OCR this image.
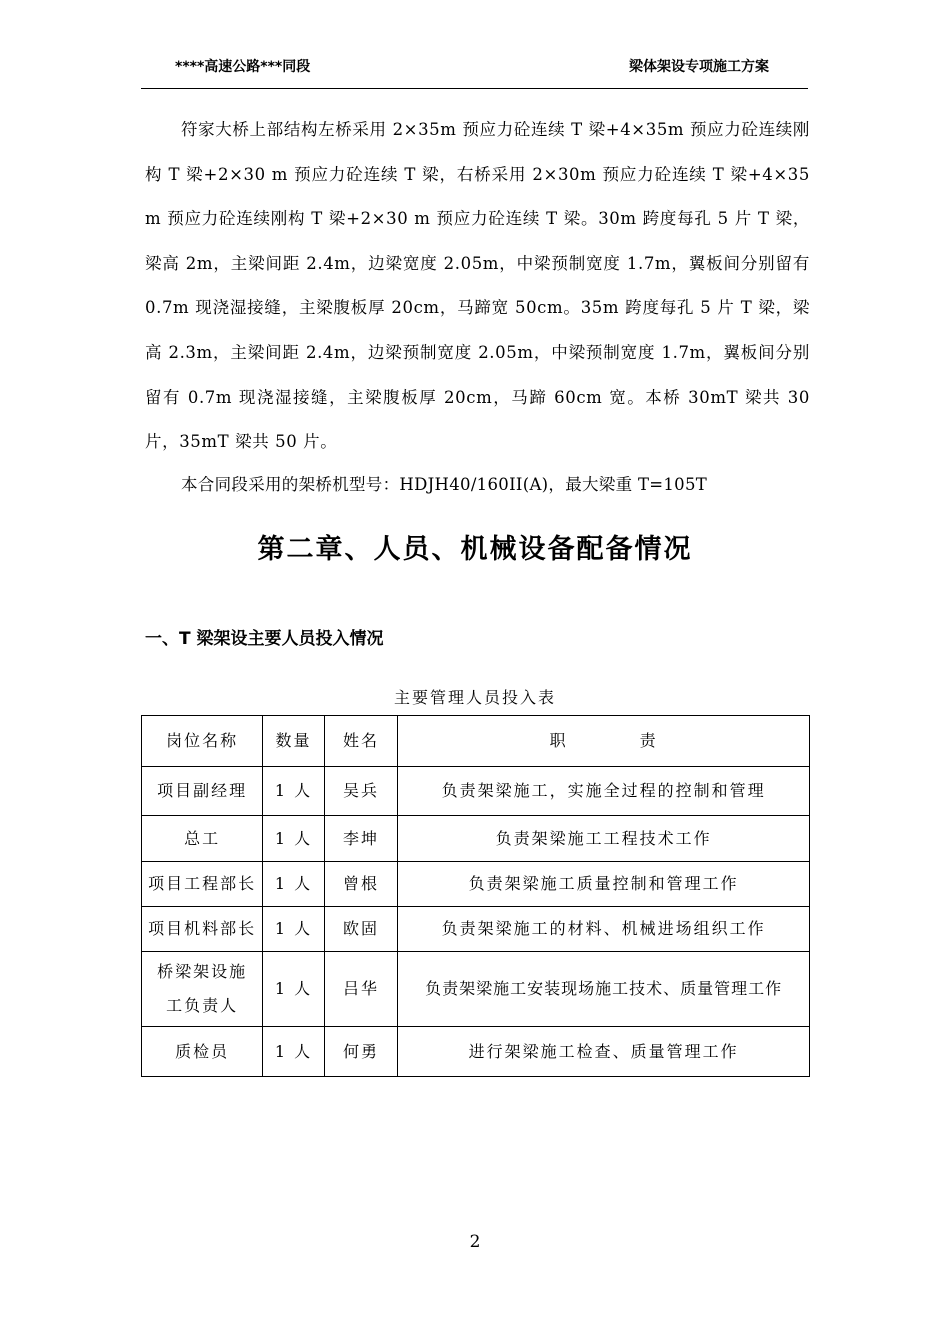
****高速公路***同段	梁体架设专项施工方案

符家大桥上部结构左桥采用 2×35m 预应力砼连续 T 梁+4×35m 预应力砼连续刚构 T 梁+2×30 m 预应力砼连续 T 梁，右桥采用 2×30m 预应力砼连续 T 梁+4×35m 预应力砼连续刚构 T 梁+2×30 m 预应力砼连续 T 梁。30m 跨度每孔 5 片 T 梁，梁高 2m，主梁间距 2.4m，边梁宽度 2.05m，中梁预制宽度 1.7m，翼板间分别留有 0.7m 现浇湿接缝，主梁腹板厚 20cm，马蹄宽 50cm。35m 跨度每孔 5 片 T 梁，梁高 2.3m，主梁间距 2.4m，边梁预制宽度 2.05m，中梁预制宽度 1.7m，翼板间分别留有 0.7m 现浇湿接缝，主梁腹板厚 20cm，马蹄 60cm 宽。本桥 30mT 梁共 30 片，35mT 梁共 50 片。

本合同段采用的架桥机型号：HDJH40/160II(A)，最大梁重 T=105T

第二章、人员、机械设备配备情况
一、T 梁架设主要人员投入情况
主要管理人员投入表
岗位名称	数量	姓名	职　　　　责
项目副经理	1 人	吴兵	负责架梁施工，实施全过程的控制和管理
总工	1 人	李坤	负责架梁施工工程技术工作
项目工程部长	1 人	曾根	负责架梁施工质量控制和管理工作
项目机料部长	1 人	欧固	负责架梁施工的材料、机械进场组织工作
桥梁架设施工负责人	1 人	吕华	负责架梁施工安装现场施工技术、质量管理工作
质检员	1 人	何勇	进行架梁施工检查、质量管理工作
2
